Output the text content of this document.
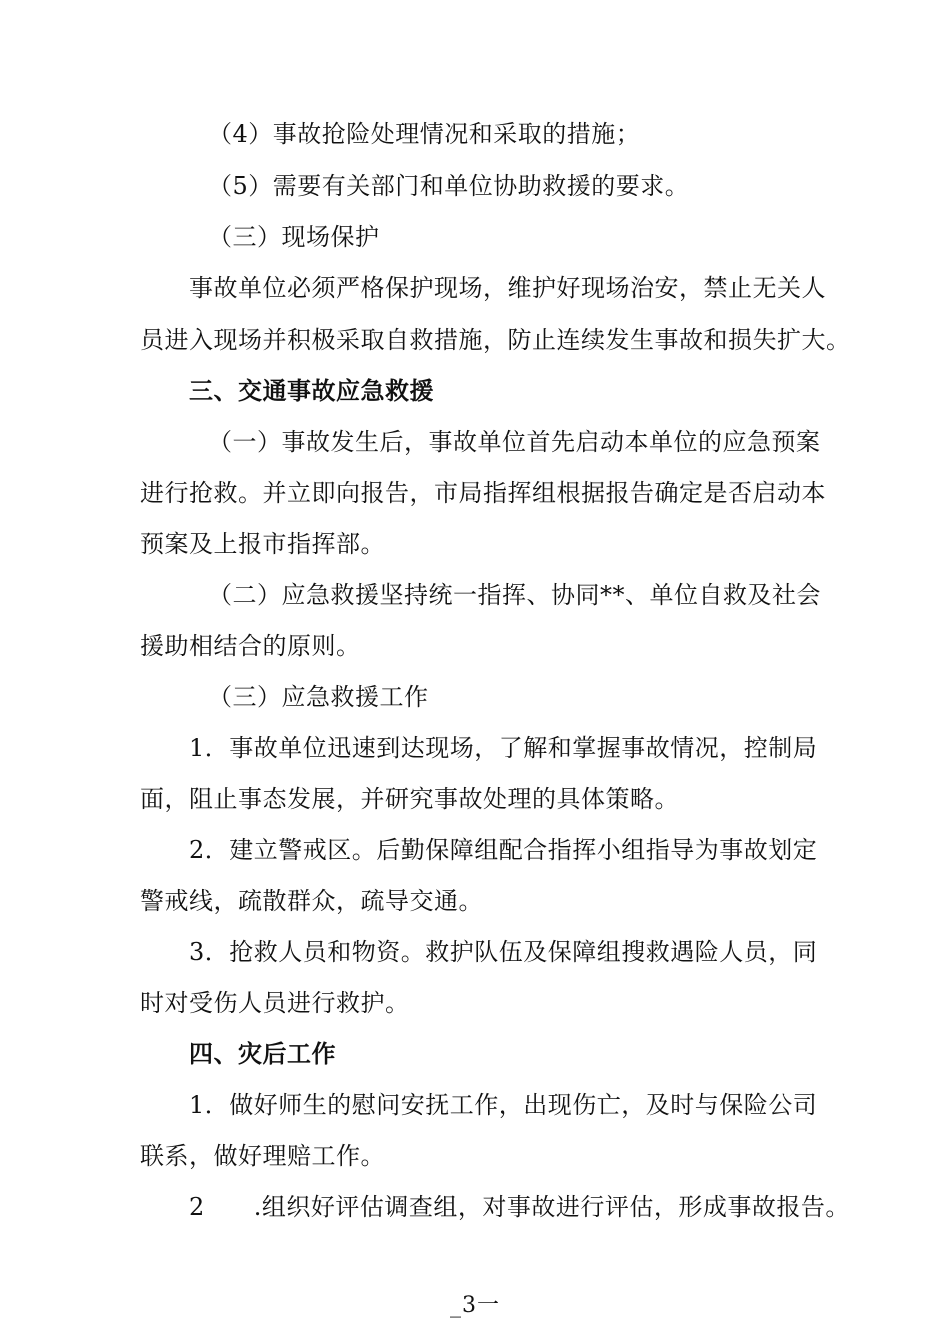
（4）事故抢险处理情况和采取的措施；
（5）需要有关部门和单位协助救援的要求。
（三）现场保护
事故单位必须严格保护现场，维护好现场治安，禁止无关人
员进入现场并积极采取自救措施，防止连续发生事故和损失扩大。
三、交通事故应急救援
（一）事故发生后，事故单位首先启动本单位的应急预案
进行抢救。并立即向报告，市局指挥组根据报告确定是否启动本
预案及上报市指挥部。
（二）应急救援坚持统一指挥、协同**、单位自救及社会
援助相结合的原则。
（三）应急救援工作
1．事故单位迅速到达现场，了解和掌握事故情况，控制局
面，阻止事态发展，并研究事故处理的具体策略。
2．建立警戒区。后勤保障组配合指挥小组指导为事故划定
警戒线，疏散群众，疏导交通。
3．抢救人员和物资。救护队伍及保障组搜救遇险人员，同
时对受伤人员进行救护。
四、灾后工作
1．做好师生的慰问安抚工作，出现伤亡，及时与保险公司
联系，做好理赔工作。
2　　.组织好评估调查组，对事故进行评估，形成事故报告。
_3一
